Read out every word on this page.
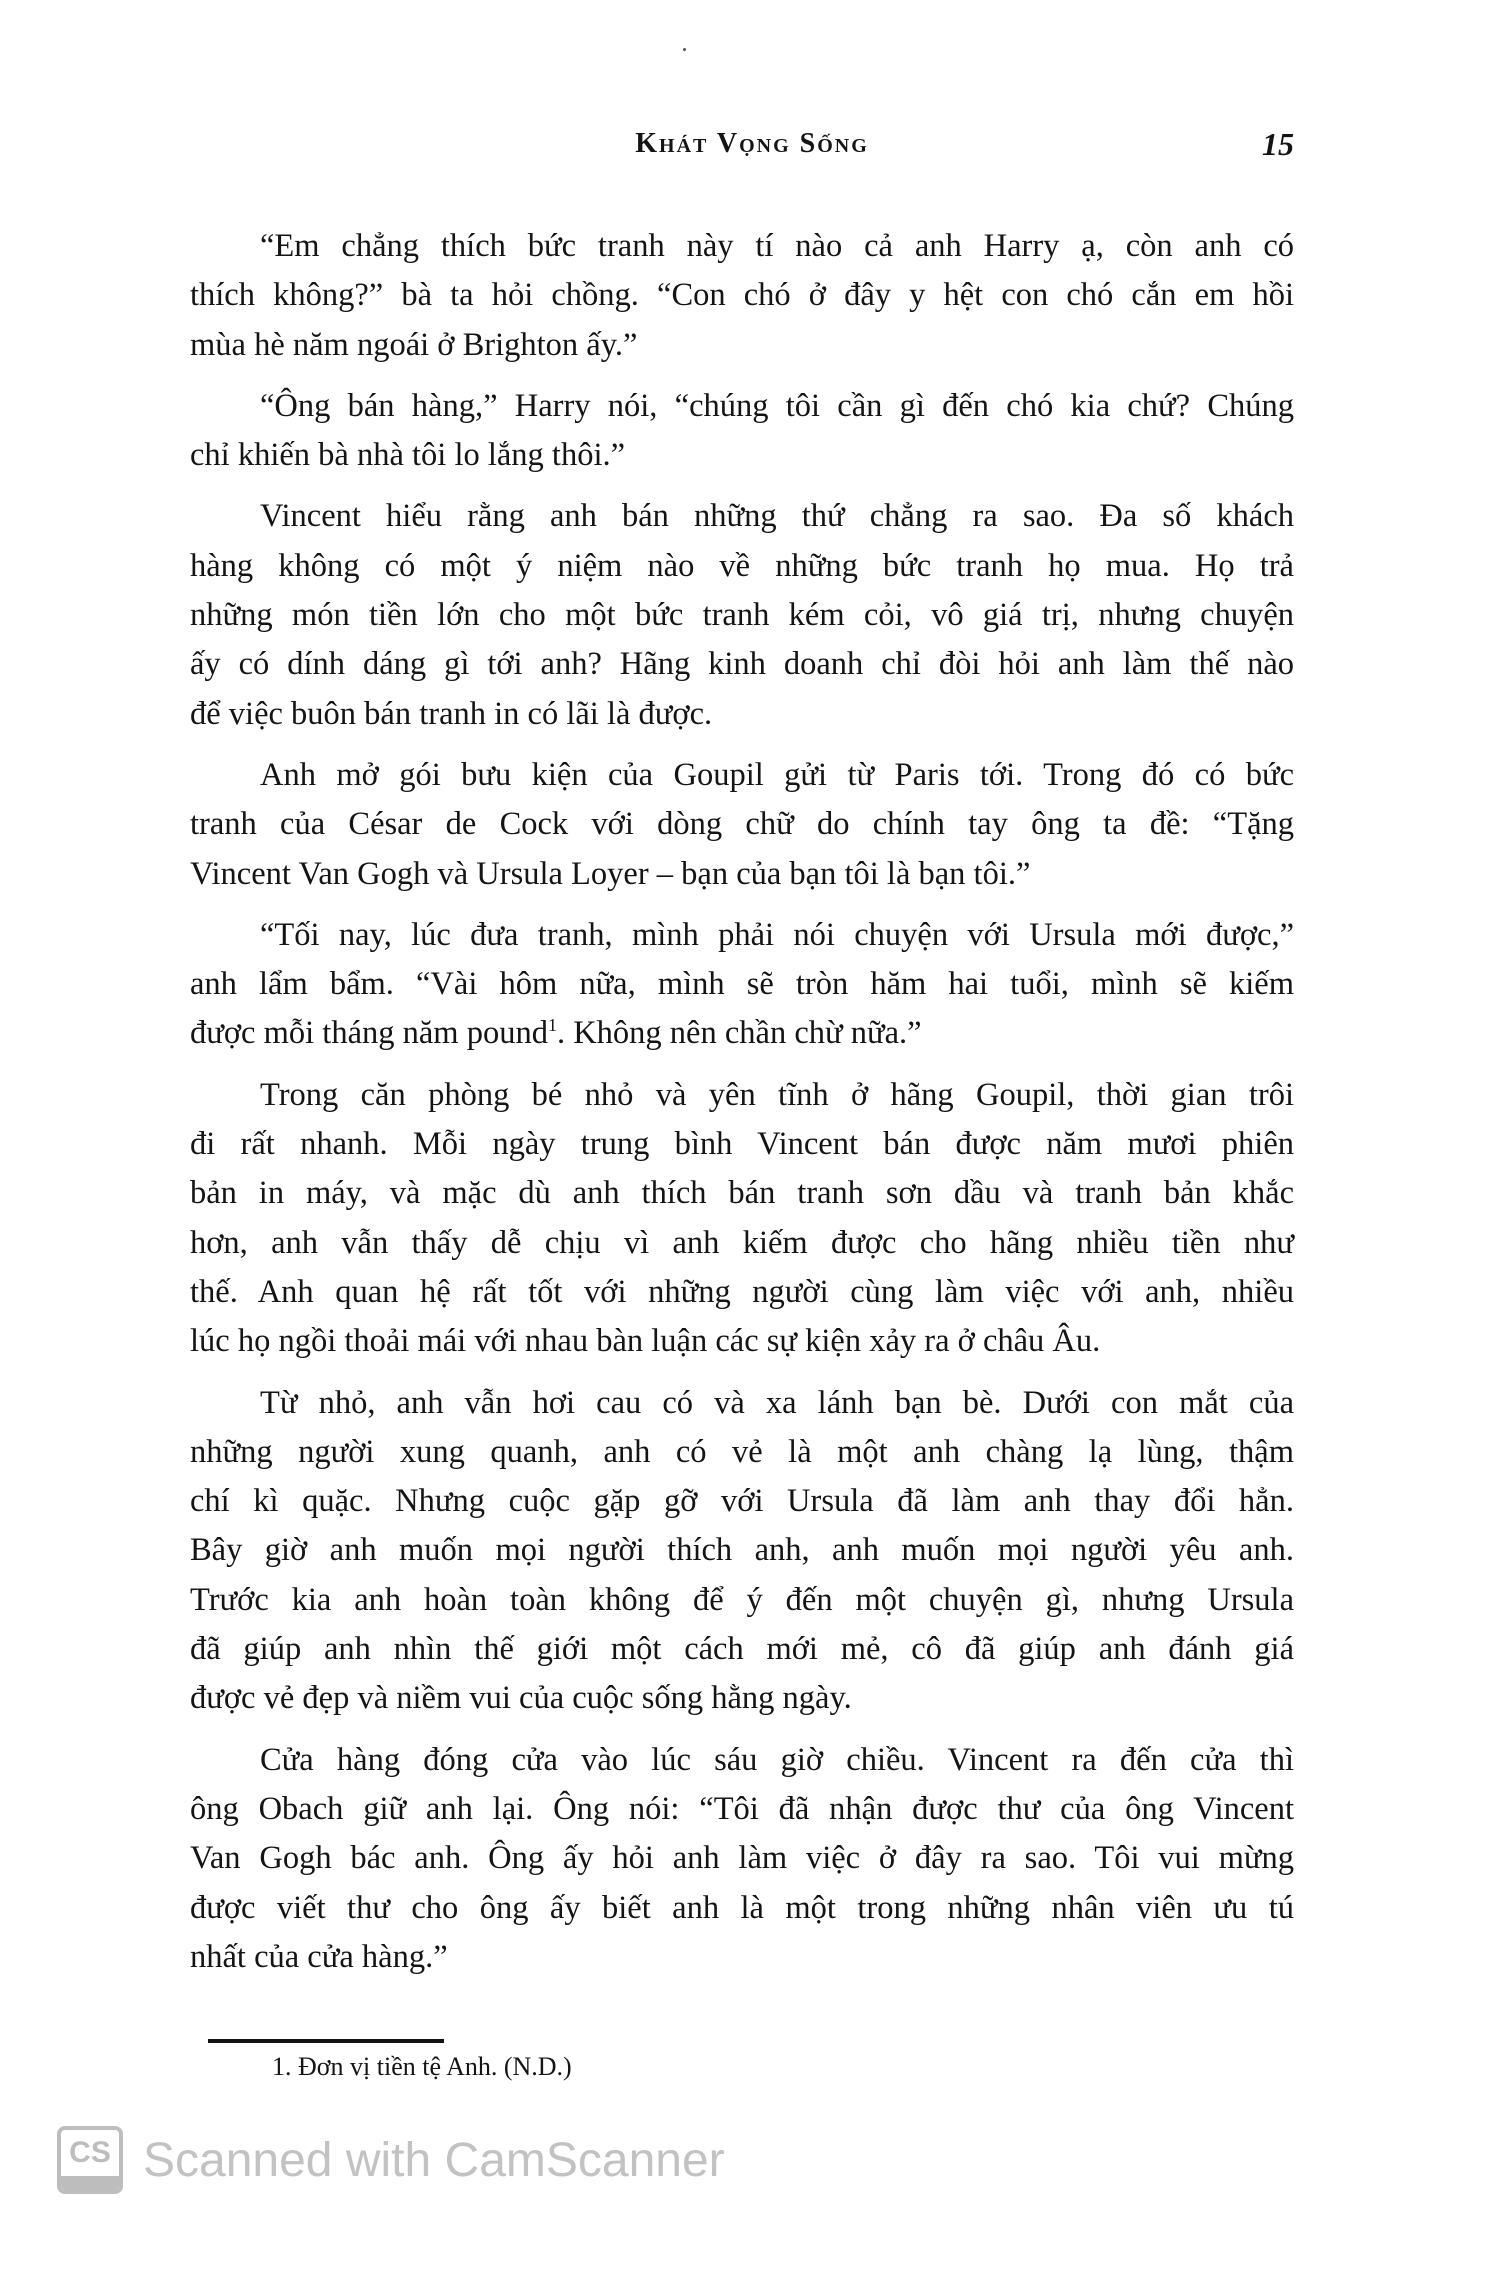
Khát Vọng Sống	15
“Em chẳng thích bức tranh này tí nào cả anh Harry ạ, còn anh có
thích không?” bà ta hỏi chồng. “Con chó ở đây y hệt con chó cắn em hồi
mùa hè năm ngoái ở Brighton ấy.”
“Ông bán hàng,” Harry nói, “chúng tôi cần gì đến chó kia chứ? Chúng
chỉ khiến bà nhà tôi lo lắng thôi.”
Vincent hiểu rằng anh bán những thứ chẳng ra sao. Đa số khách
hàng không có một ý niệm nào về những bức tranh họ mua. Họ trả
những món tiền lớn cho một bức tranh kém cỏi, vô giá trị, nhưng chuyện
ấy có dính dáng gì tới anh? Hãng kinh doanh chỉ đòi hỏi anh làm thế nào
để việc buôn bán tranh in có lãi là được.
Anh mở gói bưu kiện của Goupil gửi từ Paris tới. Trong đó có bức
tranh của César de Cock với dòng chữ do chính tay ông ta đề: “Tặng
Vincent Van Gogh và Ursula Loyer – bạn của bạn tôi là bạn tôi.”
“Tối nay, lúc đưa tranh, mình phải nói chuyện với Ursula mới được,”
anh lẩm bẩm. “Vài hôm nữa, mình sẽ tròn hăm hai tuổi, mình sẽ kiếm
được mỗi tháng năm pound$^1$. Không nên chần chừ nữa.”
Trong căn phòng bé nhỏ và yên tĩnh ở hãng Goupil, thời gian trôi
đi rất nhanh. Mỗi ngày trung bình Vincent bán được năm mươi phiên
bản in máy, và mặc dù anh thích bán tranh sơn dầu và tranh bản khắc
hơn, anh vẫn thấy dễ chịu vì anh kiếm được cho hãng nhiều tiền như
thế. Anh quan hệ rất tốt với những người cùng làm việc với anh, nhiều
lúc họ ngồi thoải mái với nhau bàn luận các sự kiện xảy ra ở châu Âu.
Từ nhỏ, anh vẫn hơi cau có và xa lánh bạn bè. Dưới con mắt của
những người xung quanh, anh có vẻ là một anh chàng lạ lùng, thậm
chí kì quặc. Nhưng cuộc gặp gỡ với Ursula đã làm anh thay đổi hẳn.
Bây giờ anh muốn mọi người thích anh, anh muốn mọi người yêu anh.
Trước kia anh hoàn toàn không để ý đến một chuyện gì, nhưng Ursula
đã giúp anh nhìn thế giới một cách mới mẻ, cô đã giúp anh đánh giá
được vẻ đẹp và niềm vui của cuộc sống hằng ngày.
Cửa hàng đóng cửa vào lúc sáu giờ chiều. Vincent ra đến cửa thì
ông Obach giữ anh lại. Ông nói: “Tôi đã nhận được thư của ông Vincent
Van Gogh bác anh. Ông ấy hỏi anh làm việc ở đây ra sao. Tôi vui mừng
được viết thư cho ông ấy biết anh là một trong những nhân viên ưu tú
nhất của cửa hàng.”
1. Đơn vị tiền tệ Anh. (N.D.)
CS Scanned with CamScanner
